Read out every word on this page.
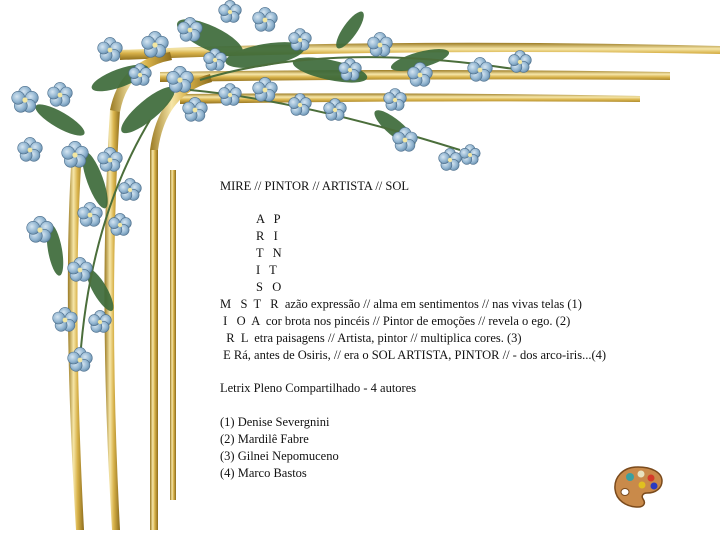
MIRE // PINTOR // ARTISTA // SOL
A  P
R  I
T  N
I  T
S  O
M   S  T   R  azão expressão // alma em sentimentos // nas vivas telas (1)
I   O  A  cor brota nos pincéis // Pintor de emoções // revela o ego. (2)
R  L  etra paisagens // Artista, pintor // multiplica cores. (3)
E Rá, antes de Osiris, // era o SOL ARTISTA, PINTOR // - dos arco-iris...(4)
Letrix Pleno Compartilhado - 4 autores
(1) Denise Severgnini
(2) Mardilê Fabre
(3) Gilnei Nepomuceno
(4) Marco Bastos
